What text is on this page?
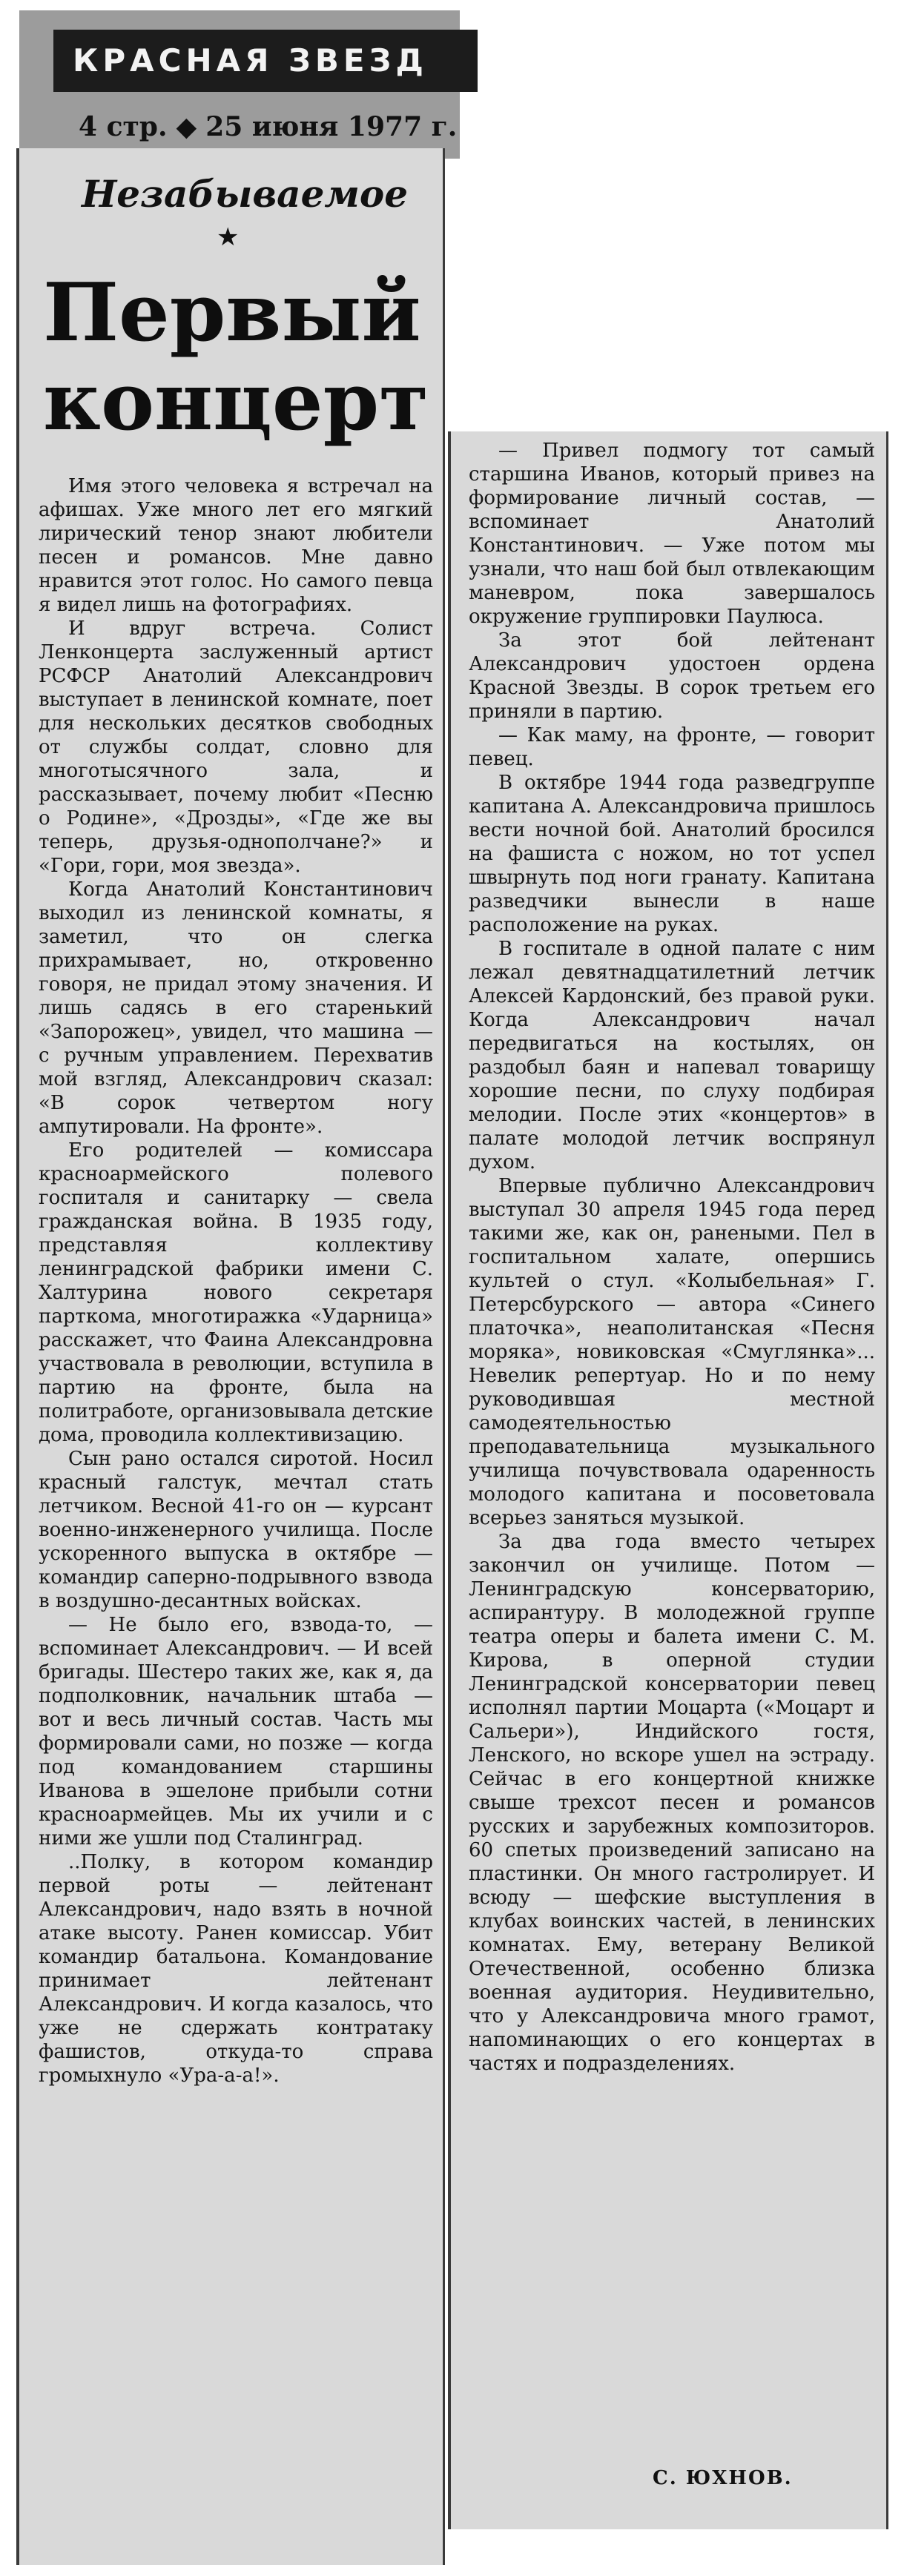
КРАСНАЯ ЗВЕЗД
4 стр. ◆ 25 июня 1977 г.
Незабываемое
★
Первый концерт

Имя этого человека я встречал на афишах. Уже много лет его мягкий лирический тенор знают любители песен и романсов. Мне давно нравится этот голос. Но самого певца я видел лишь на фотографиях.

И вдруг встреча. Солист Ленконцерта заслуженный артист РСФСР Анатолий Александрович выступает в ленинской комнате, поет для нескольких десятков свободных от службы солдат, словно для многотысячного зала, и рассказывает, почему любит «Песню о Родине», «Дрозды», «Где же вы теперь, друзья-однополчане?» и «Гори, гори, моя звезда».

Когда Анатолий Константинович выходил из ленинской комнаты, я заметил, что он слегка прихрамывает, но, откровенно говоря, не придал этому значения. И лишь садясь в его старенький «Запорожец», увидел, что машина — с ручным управлением. Перехватив мой взгляд, Александрович сказал: «В сорок четвертом ногу ампутировали. На фронте».

Его родителей — комиссара красноармейского полевого госпиталя и санитарку — свела гражданская война. В 1935 году, представляя коллективу ленинградской фабрики имени С. Халтурина нового секретаря парткома, многотиражка «Ударница» расскажет, что Фаина Александровна участвовала в революции, вступила в партию на фронте, была на политработе, организовывала детские дома, проводила коллективизацию.

Сын рано остался сиротой. Носил красный галстук, мечтал стать летчиком. Весной 41-го он — курсант военно-инженерного училища. После ускоренного выпуска в октябре — командир саперно-подрывного взвода в воздушно-десантных войсках.

— Не было его, взвода-то, — вспоминает Александрович. — И всей бригады. Шестеро таких же, как я, да подполковник, начальник штаба — вот и весь личный состав. Часть мы формировали сами, но позже — когда под командованием старшины Иванова в эшелоне прибыли сотни красноармейцев. Мы их учили и с ними же ушли под Сталинград.

..Полку, в котором командир первой роты — лейтенант Александрович, надо взять в ночной атаке высоту. Ранен комиссар. Убит командир батальона. Командование принимает лейтенант Александрович. И когда казалось, что уже не сдержать контратаку фашистов, откуда-то справа громыхнуло «Ура-а-а!».

— Привел подмогу тот самый старшина Иванов, который привез на формирование личный состав, — вспоминает Анатолий Константинович. — Уже потом мы узнали, что наш бой был отвлекающим маневром, пока завершалось окружение группировки Паулюса.

За этот бой лейтенант Александрович удостоен ордена Красной Звезды. В сорок третьем его приняли в партию.

— Как маму, на фронте, — говорит певец.

В октябре 1944 года разведгруппе капитана А. Александровича пришлось вести ночной бой. Анатолий бросился на фашиста с ножом, но тот успел швырнуть под ноги гранату. Капитана разведчики вынесли в наше расположение на руках.

В госпитале в одной палате с ним лежал девятнадцатилетний летчик Алексей Кардонский, без правой руки. Когда Александрович начал передвигаться на костылях, он раздобыл баян и напевал товарищу хорошие песни, по слуху подбирая мелодии. После этих «концертов» в палате молодой летчик воспрянул духом.

Впервые публично Александрович выступал 30 апреля 1945 года перед такими же, как он, ранеными. Пел в госпитальном халате, опершись культей о стул. «Колыбельная» Г. Петерсбурского — автора «Синего платочка», неаполитанская «Песня моряка», новиковская «Смуглянка»... Невелик репертуар. Но и по нему руководившая местной самодеятельностью преподавательница музыкального училища почувствовала одаренность молодого капитана и посоветовала всерьез заняться музыкой.

За два года вместо четырех закончил он училище. Потом — Ленинградскую консерваторию, аспирантуру. В молодежной группе театра оперы и балета имени С. М. Кирова, в оперной студии Ленинградской консерватории певец исполнял партии Моцарта («Моцарт и Сальери»), Индийского гостя, Ленского, но вскоре ушел на эстраду. Сейчас в его концертной книжке свыше трехсот песен и романсов русских и зарубежных композиторов. 60 спетых произведений записано на пластинки. Он много гастролирует. И всюду — шефские выступления в клубах воинских частей, в ленинских комнатах. Ему, ветерану Великой Отечественной, особенно близка военная аудитория. Неудивительно, что у Александровича много грамот, напоминающих о его концертах в частях и подразделениях.

С. ЮХНОВ.
